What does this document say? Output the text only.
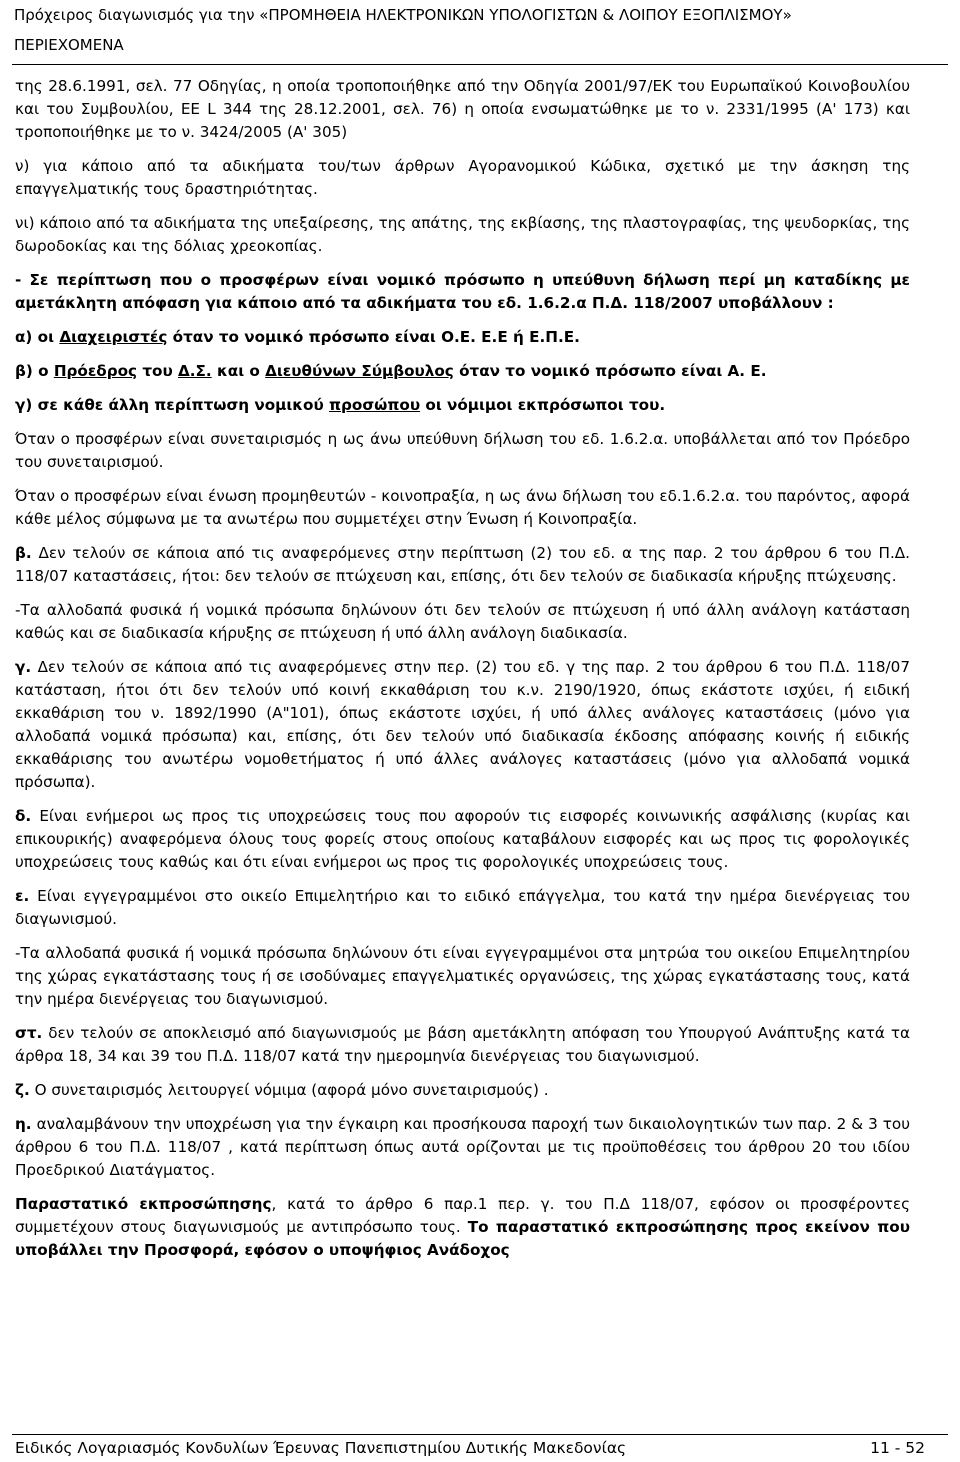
Πρόχειρος διαγωνισμός για την «ΠΡΟΜΗΘΕΙΑ ΗΛΕΚΤΡΟΝΙΚΩΝ ΥΠΟΛΟΓΙΣΤΩΝ & ΛΟΙΠΟΥ ΕΞΟΠΛΙΣΜΟΥ»
ΠΕΡΙΕΧΟΜΕΝΑ

της 28.6.1991, σελ. 77 Οδηγίας, η οποία τροποποιήθηκε από την Οδηγία 2001/97/ΕΚ του Ευρωπαϊκού Κοινοβουλίου και του Συμβουλίου, ΕΕ L 344 της 28.12.2001, σελ. 76) η οποία ενσωματώθηκε με το ν. 2331/1995 (Α' 173) και τροποποιήθηκε με το ν. 3424/2005 (Α' 305)

ν) για κάποιο από τα αδικήματα του/των άρθρων Αγορανομικού Κώδικα, σχετικό με την άσκηση της επαγγελματικής τους δραστηριότητας.

νι) κάποιο από τα αδικήματα της υπεξαίρεσης, της απάτης, της εκβίασης, της πλαστογραφίας, της ψευδορκίας, της δωροδοκίας και της δόλιας χρεοκοπίας.

- Σε περίπτωση που ο προσφέρων είναι νομικό πρόσωπο η υπεύθυνη δήλωση περί μη καταδίκης με αμετάκλητη απόφαση για κάποιο από τα αδικήματα του εδ. 1.6.2.α Π.Δ. 118/2007 υποβάλλουν :

α) οι Διαχειριστές όταν το νομικό πρόσωπο είναι Ο.Ε. Ε.Ε ή Ε.Π.Ε.

β) ο Πρόεδρος του Δ.Σ. και ο Διευθύνων Σύμβουλος όταν το νομικό πρόσωπο είναι Α. Ε.

γ) σε κάθε άλλη περίπτωση νομικού προσώπου οι νόμιμοι εκπρόσωποι του.

Όταν ο προσφέρων είναι συνεταιρισμός η ως άνω υπεύθυνη δήλωση του εδ. 1.6.2.α. υποβάλλεται από τον Πρόεδρο του συνεταιρισμού.

Όταν ο προσφέρων είναι ένωση προμηθευτών - κοινοπραξία, η ως άνω δήλωση του εδ.1.6.2.α. του παρόντος, αφορά κάθε μέλος σύμφωνα με τα ανωτέρω που συμμετέχει στην Ένωση ή Κοινοπραξία.

β. Δεν τελούν σε κάποια από τις αναφερόμενες στην περίπτωση (2) του εδ. α της παρ. 2 του άρθρου 6 του Π.Δ. 118/07 καταστάσεις, ήτοι: δεν τελούν σε πτώχευση και, επίσης, ότι δεν τελούν σε διαδικασία κήρυξης πτώχευσης.

-Τα αλλοδαπά φυσικά ή νομικά πρόσωπα δηλώνουν ότι δεν τελούν σε πτώχευση ή υπό άλλη ανάλογη κατάσταση καθώς και σε διαδικασία κήρυξης σε πτώχευση ή υπό άλλη ανάλογη διαδικασία.

γ. Δεν τελούν σε κάποια από τις αναφερόμενες στην περ. (2) του εδ. γ της παρ. 2 του άρθρου 6 του Π.Δ. 118/07 κατάσταση, ήτοι ότι δεν τελούν υπό κοινή εκκαθάριση του κ.ν. 2190/1920, όπως εκάστοτε ισχύει, ή ειδική εκκαθάριση του ν. 1892/1990 (Α"101), όπως εκάστοτε ισχύει, ή υπό άλλες ανάλογες καταστάσεις (μόνο για αλλοδαπά νομικά πρόσωπα) και, επίσης, ότι δεν τελούν υπό διαδικασία έκδοσης απόφασης κοινής ή ειδικής εκκαθάρισης του ανωτέρω νομοθετήματος ή υπό άλλες ανάλογες καταστάσεις (μόνο για αλλοδαπά νομικά πρόσωπα).

δ. Είναι ενήμεροι ως προς τις υποχρεώσεις τους που αφορούν τις εισφορές κοινωνικής ασφάλισης (κυρίας και επικουρικής) αναφερόμενα όλους τους φορείς στους οποίους καταβάλουν εισφορές και ως προς τις φορολογικές υποχρεώσεις τους καθώς και ότι είναι ενήμεροι ως προς τις φορολογικές υποχρεώσεις τους.

ε. Είναι εγγεγραμμένοι στο οικείο Επιμελητήριο και το ειδικό επάγγελμα, του κατά την ημέρα διενέργειας του διαγωνισμού.

-Τα αλλοδαπά φυσικά ή νομικά πρόσωπα δηλώνουν ότι είναι εγγεγραμμένοι στα μητρώα του οικείου Επιμελητηρίου της χώρας εγκατάστασης τους ή σε ισοδύναμες επαγγελματικές οργανώσεις, της χώρας εγκατάστασης τους, κατά την ημέρα διενέργειας του διαγωνισμού.

στ. δεν τελούν σε αποκλεισμό από διαγωνισμούς με βάση αμετάκλητη απόφαση του Υπουργού Ανάπτυξης κατά τα άρθρα 18, 34 και 39 του Π.Δ. 118/07 κατά την ημερομηνία διενέργειας του διαγωνισμού.

ζ. Ο συνεταιρισμός λειτουργεί νόμιμα (αφορά μόνο συνεταιρισμούς) .

η. αναλαμβάνουν την υποχρέωση για την έγκαιρη και προσήκουσα παροχή των δικαιολογητικών των παρ. 2 & 3 του άρθρου 6 του Π.Δ. 118/07 , κατά περίπτωση όπως αυτά ορίζονται με τις προϋποθέσεις του άρθρου 20 του ιδίου Προεδρικού Διατάγματος.

Παραστατικό εκπροσώπησης, κατά το άρθρο 6 παρ.1 περ. γ. του Π.Δ 118/07, εφόσον οι προσφέροντες συμμετέχουν στους διαγωνισμούς με αντιπρόσωπο τους. Το παραστατικό εκπροσώπησης προς εκείνον που υποβάλλει την Προσφορά, εφόσον ο υποψήφιος Ανάδοχος

Ειδικός Λογαριασμός Κονδυλίων Έρευνας Πανεπιστημίου Δυτικής Μακεδονίας	11 - 52
